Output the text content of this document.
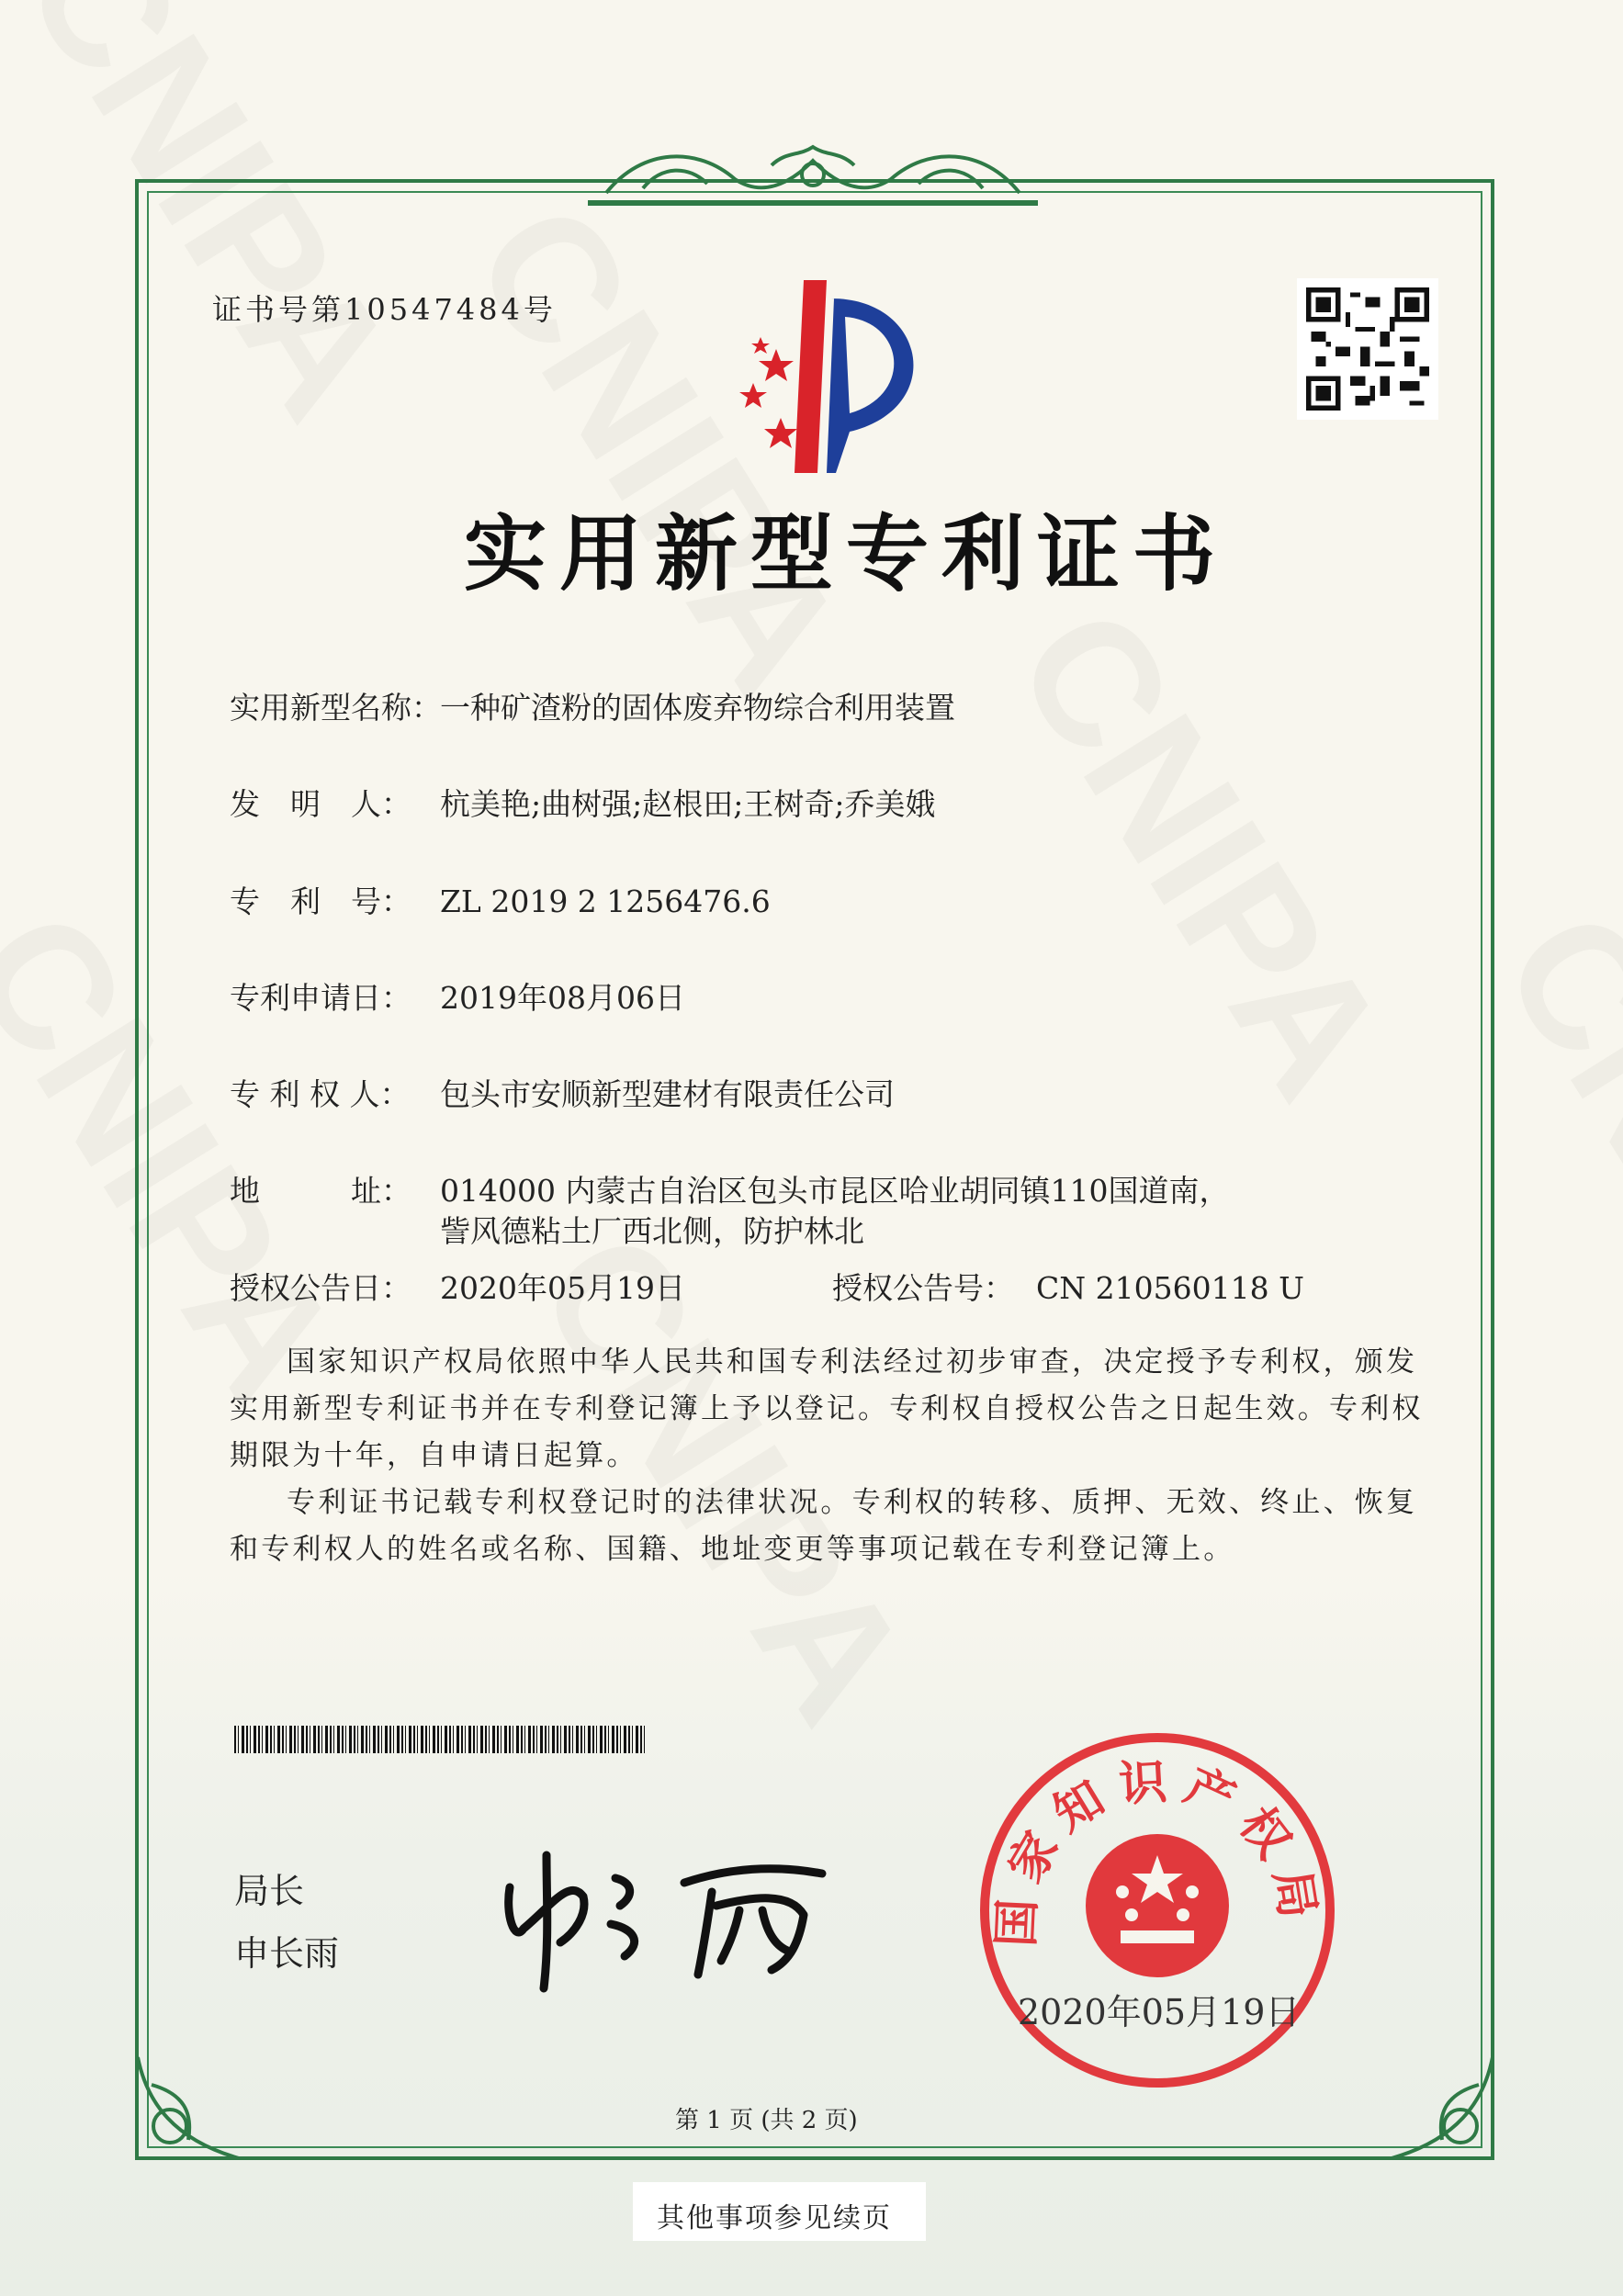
证书号第10547484号
实用新型专利证书
实用新型名称：一种矿渣粉的固体废弃物综合利用装置
发　明　人： 杭美艳;曲树强;赵根田;王树奇;乔美娥
专　利　号： ZL 2019 2 1256476.6
专利申请日： 2019年08月06日
专 利 权 人： 包头市安顺新型建材有限责任公司
地　　　址： 014000 内蒙古自治区包头市昆区哈业胡同镇110国道南，
訾风德粘土厂西北侧，防护林北
授权公告日： 2020年05月19日	授权公告号： CN 210560118 U

国家知识产权局依照中华人民共和国专利法经过初步审查，决定授予专利权，颁发实用新型专利证书并在专利登记簿上予以登记。专利权自授权公告之日起生效。专利权期限为十年，自申请日起算。

专利证书记载专利权登记时的法律状况。专利权的转移、质押、无效、终止、恢复和专利权人的姓名或名称、国籍、地址变更等事项记载在专利登记簿上。

局长
申长雨
国家知识产权局
2020年05月19日
第 1 页 (共 2 页)
其他事项参见续页
